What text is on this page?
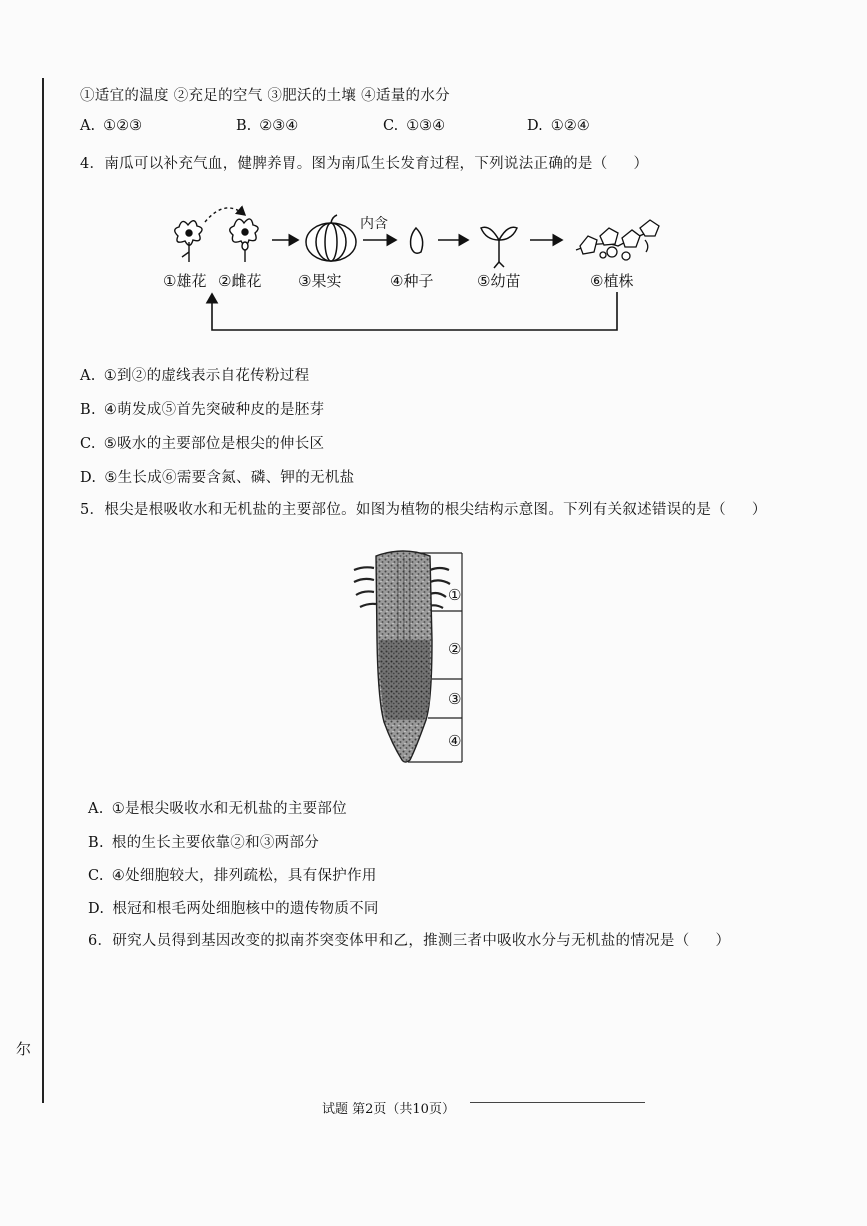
尔
①适宜的温度 ②充足的空气 ③肥沃的土壤 ④适量的水分
A. ①②③	B. ②③④	C. ①③④	D. ①②④
4．南瓜可以补充气血，健脾养胃。图为南瓜生长发育过程，下列说法正确的是（ ）
①雄花 ②雌花 ③果实	④种子	⑤幼苗	⑥植株
内含
A. ①到②的虚线表示自花传粉过程
B. ④萌发成⑤首先突破种皮的是胚芽
C. ⑤吸水的主要部位是根尖的伸长区
D. ⑤生长成⑥需要含氮、磷、钾的无机盐
5．根尖是根吸收水和无机盐的主要部位。如图为植物的根尖结构示意图。下列有关叙述错误的是（ ）
①
②
③
④
A. ①是根尖吸收水和无机盐的主要部位
B. 根的生长主要依靠②和③两部分
C. ④处细胞较大，排列疏松，具有保护作用
D. 根冠和根毛两处细胞核中的遗传物质不同
6．研究人员得到基因改变的拟南芥突变体甲和乙，推测三者中吸收水分与无机盐的情况是（ ）
试题 第2页（共10页）
